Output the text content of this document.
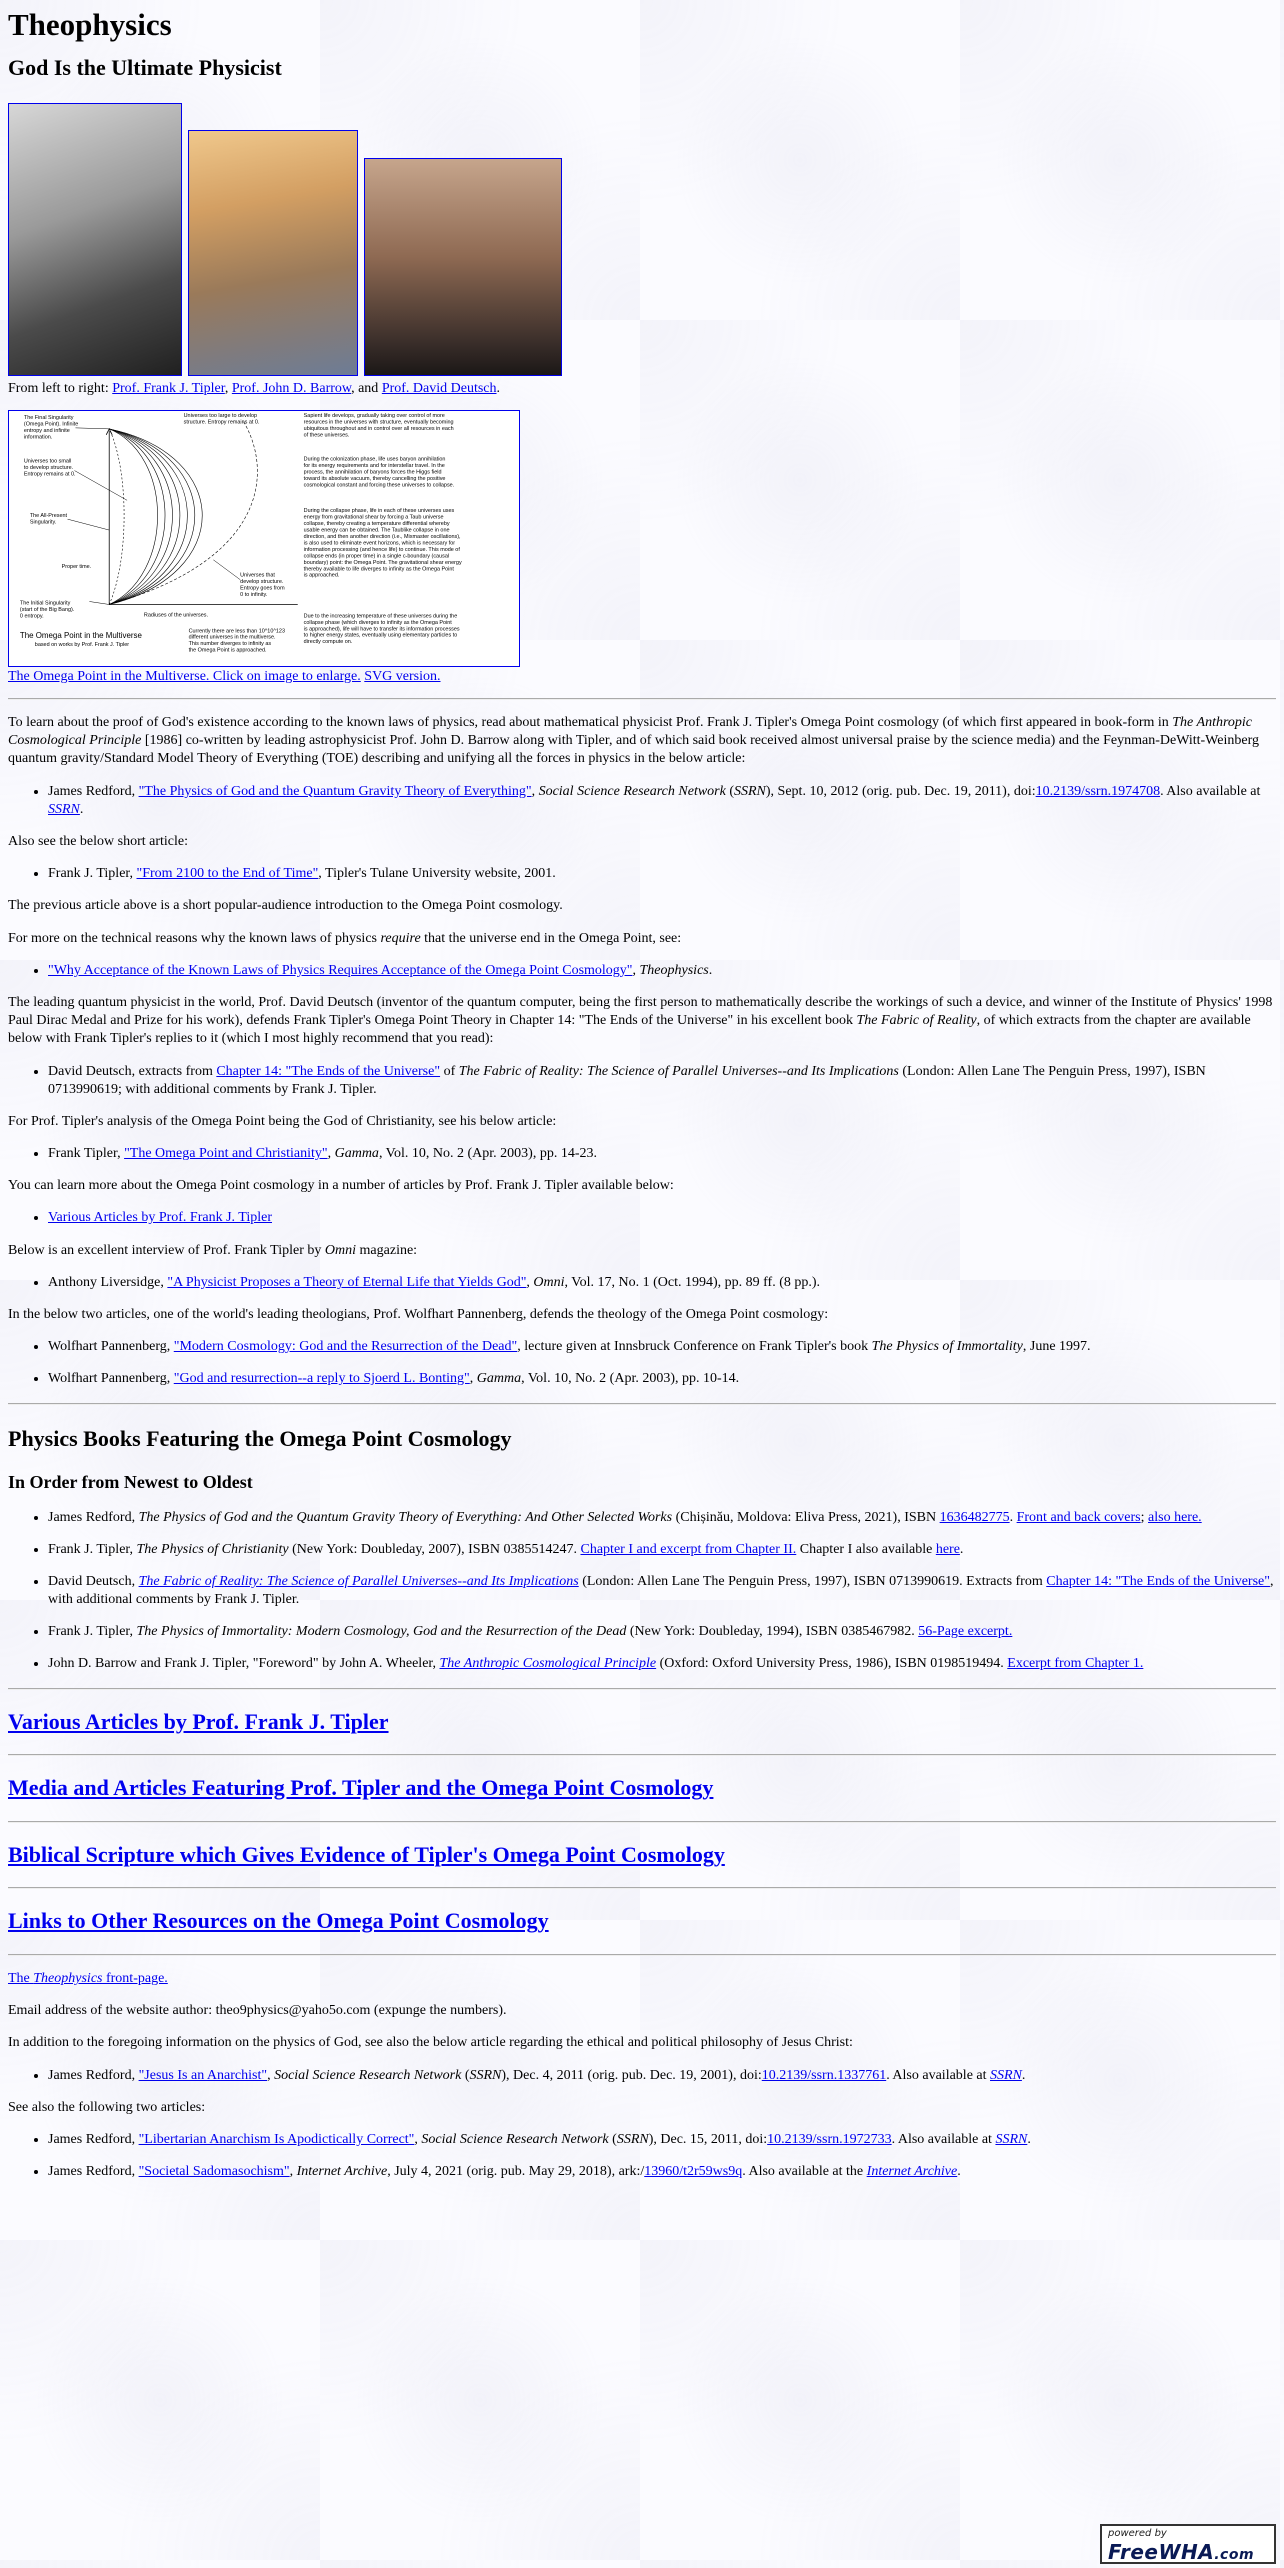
Theophysics
God Is the Ultimate Physicist
From left to right: Prof. Frank J. Tipler, Prof. John D. Barrow, and Prof. David Deutsch.
The Final Singularity (Omega Point). Infinite entropy and infinite information.
Universes too small to develop structure. Entropy remains at 0.
The All-Present Singularity.
Proper time.
The Initial Singularity (start of the Big Bang). 0 entropy.
Universes too large to develop structure. Entropy remains at 0.
Universes that develop structure. Entropy goes from 0 to infinity.
Radiuses of the universes.
The Omega Point in the Multiverse
based on works by Prof. Frank J. Tipler
Currently there are less than 10^10^123 different universes in the multiverse. This number diverges to infinity as the Omega Point is approached.
Sapient life develops, gradually taking over control of more resources in the universes with structure, eventually becoming ubiquitous throughout and in control over all resources in each of these universes.
During the colonization phase, life uses baryon annihilation for its energy requirements and for interstellar travel. In the process, the annihilation of baryons forces the Higgs field toward its absolute vacuum, thereby cancelling the positive cosmological constant and forcing these universes to collapse.
During the collapse phase, life in each of these universes uses energy from gravitational shear by forcing a Taub universe collapse, thereby creating a temperature differential whereby usable energy can be obtained. The Taublike collapse in one direction, and then another direction (i.e., Mixmaster oscillations), is also used to eliminate event horizons, which is necessary for information processing (and hence life) to continue. This mode of collapse ends (in proper time) in a single c-boundary (causal boundary) point: the Omega Point. The gravitational shear energy thereby available to life diverges to infinity as the Omega Point is approached.
Due to the increasing temperature of these universes during the collapse phase (which diverges to infinity as the Omega Point is approached), life will have to transfer its information processes to higher energy states, eventually using elementary particles to directly compute on.
The Omega Point in the Multiverse. Click on image to enlarge. SVG version.

To learn about the proof of God's existence according to the known laws of physics, read about mathematical physicist Prof. Frank J. Tipler's Omega Point cosmology (of which first appeared in book-form in The Anthropic Cosmological Principle [1986] co-written by leading astrophysicist Prof. John D. Barrow along with Tipler, and of which said book received almost universal praise by the science media) and the Feynman-DeWitt-Weinberg quantum gravity/Standard Model Theory of Everything (TOE) describing and unifying all the forces in physics in the below article:

• James Redford, "The Physics of God and the Quantum Gravity Theory of Everything", Social Science Research Network (SSRN), Sept. 10, 2012 (orig. pub. Dec. 19, 2011), doi:10.2139/ssrn.1974708. Also available at SSRN.

Also see the below short article:

• Frank J. Tipler, "From 2100 to the End of Time", Tipler's Tulane University website, 2001.

The previous article above is a short popular-audience introduction to the Omega Point cosmology.

For more on the technical reasons why the known laws of physics require that the universe end in the Omega Point, see:

• "Why Acceptance of the Known Laws of Physics Requires Acceptance of the Omega Point Cosmology", Theophysics.

The leading quantum physicist in the world, Prof. David Deutsch (inventor of the quantum computer, being the first person to mathematically describe the workings of such a device, and winner of the Institute of Physics' 1998 Paul Dirac Medal and Prize for his work), defends Frank Tipler's Omega Point Theory in Chapter 14: "The Ends of the Universe" in his excellent book The Fabric of Reality, of which extracts from the chapter are available below with Frank Tipler's replies to it (which I most highly recommend that you read):

• David Deutsch, extracts from Chapter 14: "The Ends of the Universe" of The Fabric of Reality: The Science of Parallel Universes--and Its Implications (London: Allen Lane The Penguin Press, 1997), ISBN 0713990619; with additional comments by Frank J. Tipler.

For Prof. Tipler's analysis of the Omega Point being the God of Christianity, see his below article:

• Frank Tipler, "The Omega Point and Christianity", Gamma, Vol. 10, No. 2 (Apr. 2003), pp. 14-23.

You can learn more about the Omega Point cosmology in a number of articles by Prof. Frank J. Tipler available below:

• Various Articles by Prof. Frank J. Tipler

Below is an excellent interview of Prof. Frank Tipler by Omni magazine:

• Anthony Liversidge, "A Physicist Proposes a Theory of Eternal Life that Yields God", Omni, Vol. 17, No. 1 (Oct. 1994), pp. 89 ff. (8 pp.).

In the below two articles, one of the world's leading theologians, Prof. Wolfhart Pannenberg, defends the theology of the Omega Point cosmology:

• Wolfhart Pannenberg, "Modern Cosmology: God and the Resurrection of the Dead", lecture given at Innsbruck Conference on Frank Tipler's book The Physics of Immortality, June 1997.
• Wolfhart Pannenberg, "God and resurrection--a reply to Sjoerd L. Bonting", Gamma, Vol. 10, No. 2 (Apr. 2003), pp. 10-14.
Physics Books Featuring the Omega Point Cosmology
In Order from Newest to Oldest
• James Redford, The Physics of God and the Quantum Gravity Theory of Everything: And Other Selected Works (Chișinău, Moldova: Eliva Press, 2021), ISBN 1636482775. Front and back covers; also here.
• Frank J. Tipler, The Physics of Christianity (New York: Doubleday, 2007), ISBN 0385514247. Chapter I and excerpt from Chapter II. Chapter I also available here.
• David Deutsch, The Fabric of Reality: The Science of Parallel Universes--and Its Implications (London: Allen Lane The Penguin Press, 1997), ISBN 0713990619. Extracts from Chapter 14: "The Ends of the Universe", with additional comments by Frank J. Tipler.
• Frank J. Tipler, The Physics of Immortality: Modern Cosmology, God and the Resurrection of the Dead (New York: Doubleday, 1994), ISBN 0385467982. 56-Page excerpt.
• John D. Barrow and Frank J. Tipler, "Foreword" by John A. Wheeler, The Anthropic Cosmological Principle (Oxford: Oxford University Press, 1986), ISBN 0198519494. Excerpt from Chapter 1.
Various Articles by Prof. Frank J. Tipler
Media and Articles Featuring Prof. Tipler and the Omega Point Cosmology
Biblical Scripture which Gives Evidence of Tipler's Omega Point Cosmology
Links to Other Resources on the Omega Point Cosmology

The Theophysics front-page.

Email address of the website author: theo9physics@yaho5o.com (expunge the numbers).

In addition to the foregoing information on the physics of God, see also the below article regarding the ethical and political philosophy of Jesus Christ:

• James Redford, "Jesus Is an Anarchist", Social Science Research Network (SSRN), Dec. 4, 2011 (orig. pub. Dec. 19, 2001), doi:10.2139/ssrn.1337761. Also available at SSRN.

See also the following two articles:

• James Redford, "Libertarian Anarchism Is Apodictically Correct", Social Science Research Network (SSRN), Dec. 15, 2011, doi:10.2139/ssrn.1972733. Also available at SSRN.
• James Redford, "Societal Sadomasochism", Internet Archive, July 4, 2021 (orig. pub. May 29, 2018), ark:/13960/t2r59ws9q. Also available at the Internet Archive.
powered by
FreeWHA.com
